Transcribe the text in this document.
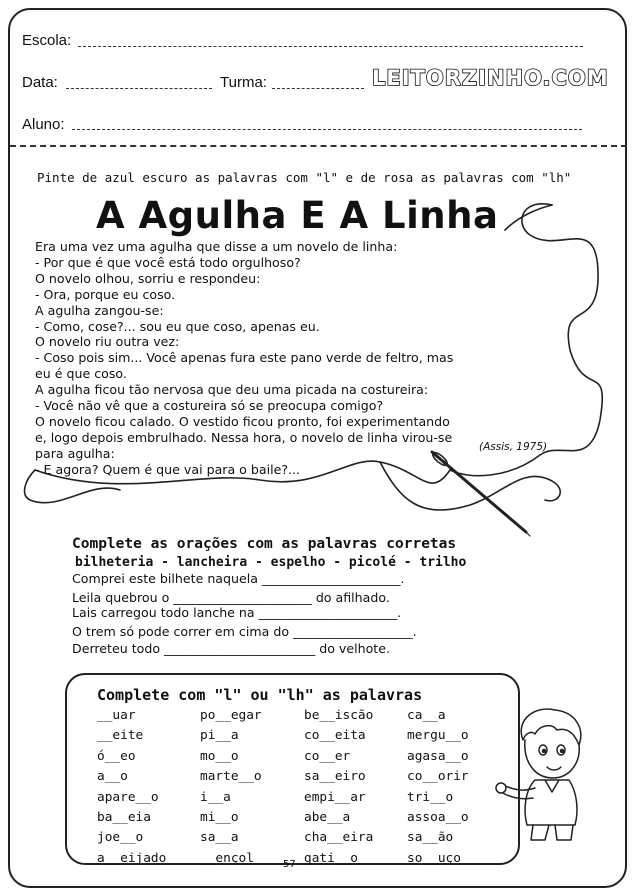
Escola:
Data:	Turma:	LEITORZINHO.COM
Aluno:
Pinte de azul escuro as palavras com "l" e de rosa as palavras com "lh"
A Agulha E A Linha
Era uma vez uma agulha que disse a um novelo de linha:
- Por que é que você está todo orgulhoso?
O novelo olhou, sorriu e respondeu:
- Ora, porque eu coso.
A agulha zangou-se:
- Como, cose?... sou eu que coso, apenas eu.
O novelo riu outra vez:
- Coso pois sim... Você apenas fura este pano verde de feltro, mas
eu é que coso.
A agulha ficou tão nervosa que deu uma picada na costureira:
- Você não vê que a costureira só se preocupa comigo?
O novelo ficou calado. O vestido ficou pronto, foi experimentando
e, logo depois embrulhado. Nessa hora, o novelo de linha virou-se
para agulha:
- E agora? Quem é que vai para o baile?...
(Assis, 1975)
Complete as orações com as palavras corretas
bilheteria - lancheira - espelho - picolé - trilho
Comprei este bilhete naquela ______________________.
Leila quebrou o ______________________ do afilhado.
Lais carregou todo lanche na ______________________.
O trem só pode correr em cima do ___________________.
Derreteu todo ________________________ do velhote.
Complete com "l" ou "lh" as palavras
__uar
__eite
ó__eo
a__o
apare__o
ba__eia
joe__o
a__eijado
po__egar
pi__a
mo__o
marte__o
i__a
mi__o
sa__a
__ençol
be__iscão
co__eita
co__er
sa__eiro
empi__ar
abe__a
cha__eira
gati__o
ca__a
mergu__o
agasa__o
co__orir
tri__o
assoa__o
sa__ão
so__uço
57
